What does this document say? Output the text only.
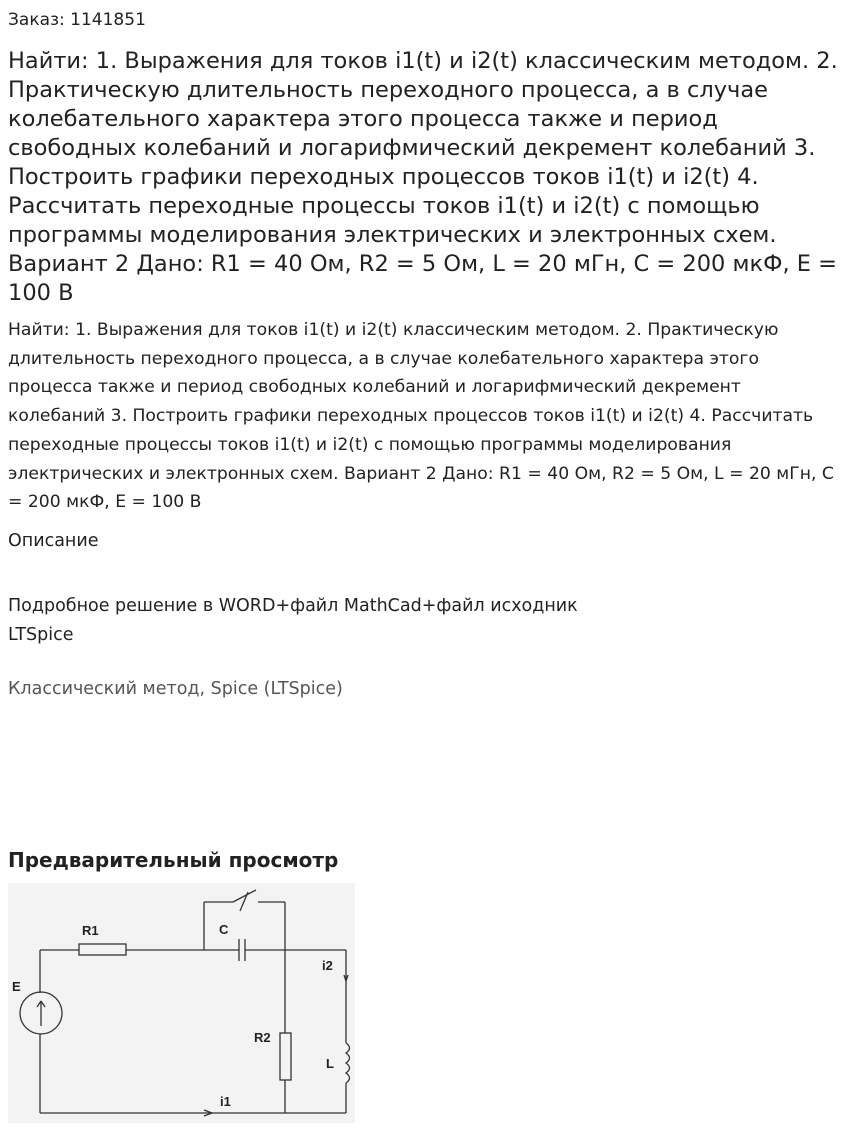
Заказ: 1141851
Найти: 1. Выражения для токов i1(t) и i2(t) классическим методом. 2. Практическую длительность переходного процесса, а в случае колебательного характера этого процесса также и период свободных колебаний и логарифмический декремент колебаний 3. Построить графики переходных процессов токов i1(t) и i2(t) 4. Рассчитать переходные процессы токов i1(t) и i2(t) с помощью программы моделирования электрических и электронных схем. Вариант 2 Дано: R1 = 40 Ом, R2 = 5 Ом, L = 20 мГн, C = 200 мкФ, E = 100 В

Найти: 1. Выражения для токов i1(t) и i2(t) классическим методом. 2. Практическую длительность переходного процесса, а в случае колебательного характера этого процесса также и период свободных колебаний и логарифмический декремент колебаний 3. Построить графики переходных процессов токов i1(t) и i2(t) 4. Рассчитать переходные процессы токов i1(t) и i2(t) с помощью программы моделирования электрических и электронных схем. Вариант 2 Дано: R1 = 40 Ом, R2 = 5 Ом, L = 20 мГн, C = 200 мкФ, E = 100 В

Описание
Подробное решение в WORD+файл MathCad+файл исходник LTSpice
Классический метод, Spice (LTSpice)
Предварительный просмотр
R1	C
E
i2
R2
L
i1
